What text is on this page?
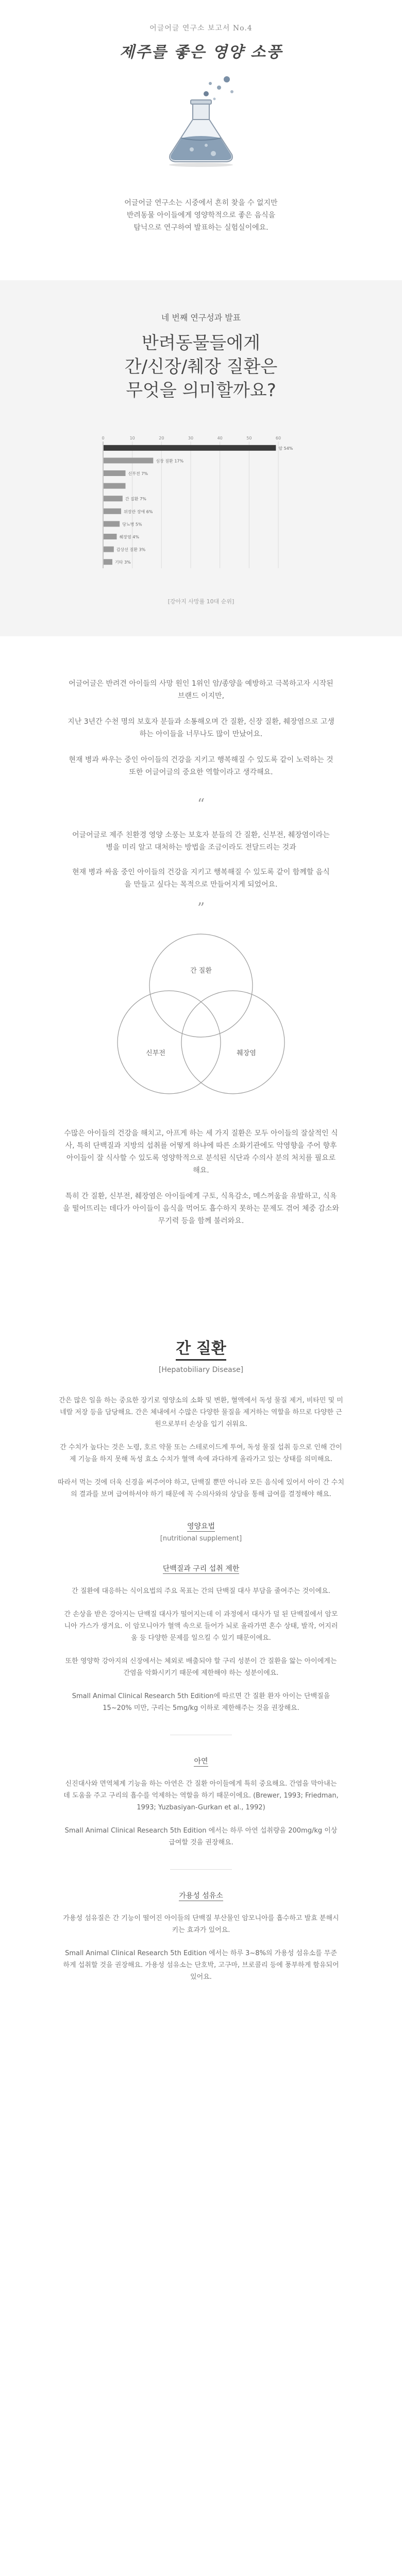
어글어글 연구소 보고서 No.4
제주를 좋은 영양 소풍
어글어글 연구소는 시중에서 흔히 찾을 수 없지만
반려동물 아이들에게 영양학적으로 좋은 음식을
탐닉으로 연구하여 발표하는 실험실이에요.
네 번째 연구성과 발표
반려동물들에게
간/신장/췌장 질환은
무엇을 의미할까요?
0	10	20	30	40	50	60
암 54%
심장 질환 17%
신부전 7%
간 질환 7%
위장관 장애 6%
당뇨병 5%
췌장염 4%
갑상선 질환 3%
기타 3%
[강아지 사망률 10대 순위]

어글어글은 반려견 아이들의 사망 원인 1위인 암/종양을 예방하고 극복하고자 시작된 브랜드 이지만,

지난 3년간 수천 명의 보호자 분들과 소통해오며 간 질환, 신장 질환, 췌장염으로 고생하는 아이들을 너무나도 많이 만났어요.

현재 병과 싸우는 중인 아이들의 건강을 지키고 행복해질 수 있도록 같이 노력하는 것 또한 어글어글의 중요한 역할이라고 생각해요.

“

어글어글로 제주 친환경 영양 소풍는 보호자 분들의 간 질환, 신부전, 췌장염이라는 병을 미리 알고 대처하는 방법을 조금이라도 전달드리는 것과

현재 병과 싸움 중인 아이들의 건강을 지키고 행복해질 수 있도록 같이 함께할 음식을 만들고 싶다는 목적으로 만들어지게 되었어요.

”
간 질환
신부전	췌장염

수많은 아이들의 건강을 해치고, 아프게 하는 세 가지 질환은 모두 아이들의 잘살적인 식사, 특히 단백질과 지방의 섭취를 어떻게 하냐에 따른 소화기관에도 악영향을 주어 향후 아이들이 잘 식사할 수 있도록 영양학적으로 분석된 식단과 수의사 분의 처치를 필요로 해요.

특히 간 질환, 신부전, 췌장염은 아이들에게 구토, 식욕감소, 메스꺼움을 유발하고, 식욕을 떨어뜨리는 데다가 아이들이 음식을 먹어도 흡수하지 못하는 문제도 겪어 체중 감소와 무기력 등을 함께 불러와요.

간 질환
[Hepatobiliary Disease]

간은 많은 일을 하는 중요한 장기로 영양소의 소화 및 변환, 혈액에서 독성 물질 제거, 비타민 및 미네랄 저장 등을 담당해요. 간은 체내에서 수많은 다양한 물질을 제거하는 역할을 하므로 다양한 근원으로부터 손상을 입기 쉬워요.

간 수치가 높다는 것은 노령, 호르 약물 또는 스테로이드계 투여, 독성 물질 섭취 등으로 인해 간이 제 기능을 하지 못해 독성 효소 수치가 혈액 속에 과다하게 올라가고 있는 상태를 의미해요.

따라서 먹는 것에 더욱 신경을 써주어야 하고, 단백질 뿐만 아니라 모든 음식에 있어서 아이 간 수치의 결과를 보며 급여하셔야 하기 때문에 꼭 수의사와의 상담을 통해 급여를 결정해야 해요.

영양요법
[nutritional supplement]
단백질과 구리 섭취 제한

간 질환에 대응하는 식이요법의 주요 목표는 간의 단백질 대사 부담을 줄여주는 것이에요.

간 손상을 받은 강아지는 단백질 대사가 떨어지는데 이 과정에서 대사가 덜 된 단백질에서 암모니아 가스가 생겨요. 이 암모니아가 혈액 속으로 들어가 뇌로 올라가면 혼수 상태, 발작, 어지러움 등 다양한 문제를 일으킬 수 있기 때문이에요.

또한 영양학 강아지의 신장에서는 체외로 배출되야 할 구리 성분이 간 질환을 앓는 아이에게는 간염을 악화시키기 때문에 제한해야 하는 성분이에요.

Small Animal Clinical Research 5th Edition에 따르면 간 질환 환자 아이는 단백질을 15~20% 미만, 구리는 5mg/kg 이하로 제한해주는 것을 권장해요.

아연

신진대사와 면역체계 기능을 하는 아연은 간 질환 아이들에게 특히 중요해요. 간염을 막아내는 데 도움을 주고 구리의 흡수를 억제하는 역할을 하기 때문이에요. (Brewer, 1993; Friedman, 1993; Yuzbasiyan-Gurkan et al., 1992)

Small Animal Clinical Research 5th Edition 에서는 하루 아연 섭취량을 200mg/kg 이상 급여할 것을 권장해요.

가용성 섬유소

가용성 섬유질은 간 기능이 떨어진 아이들의 단백질 부산물인 암모니아를 흡수하고 발효 분해시키는 효과가 있어요.

Small Animal Clinical Research 5th Edition 에서는 하루 3~8%의 가용성 섬유소를 무준하게 섭취할 것을 권장해요. 가용성 섬유소는 단호박, 고구마, 브로콜리 등에 풍부하게 함유되어 있어요.
